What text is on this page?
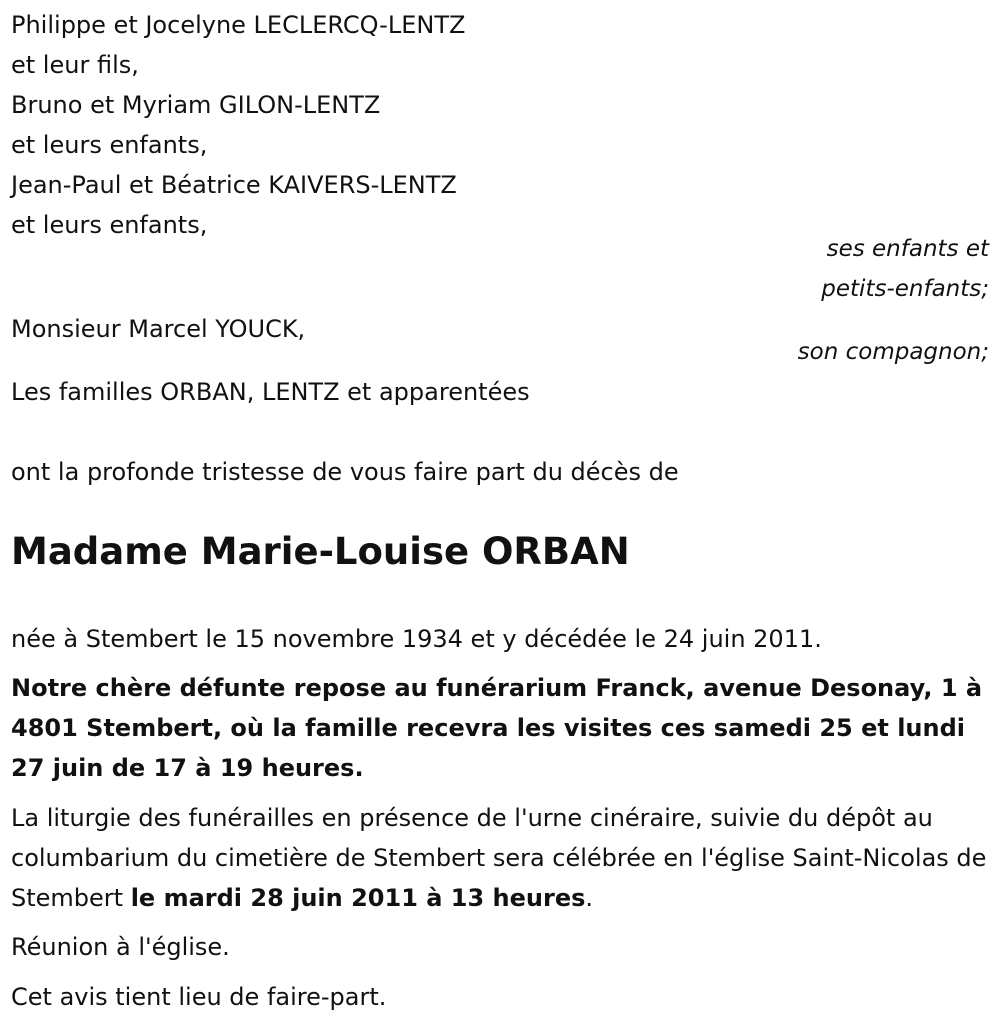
Philippe et Jocelyne LECLERCQ-LENTZ
et leur fils,
Bruno et Myriam GILON-LENTZ
et leurs enfants,
Jean-Paul et Béatrice KAIVERS-LENTZ
et leurs enfants,
ses enfants et
petits-enfants;
Monsieur Marcel YOUCK,
son compagnon;
Les familles ORBAN, LENTZ et apparentées
ont la profonde tristesse de vous faire part du décès de
Madame Marie-Louise ORBAN
née à Stembert le 15 novembre 1934 et y décédée le 24 juin 2011.
Notre chère défunte repose au funérarium Franck, avenue Desonay, 1 à 4801 Stembert, où la famille recevra les visites ces samedi 25 et lundi 27 juin de 17 à 19 heures.
La liturgie des funérailles en présence de l'urne cinéraire, suivie du dépôt au columbarium du cimetière de Stembert sera célébrée en l'église Saint-Nicolas de Stembert le mardi 28 juin 2011 à 13 heures.
Réunion à l'église.
Cet avis tient lieu de faire-part.
